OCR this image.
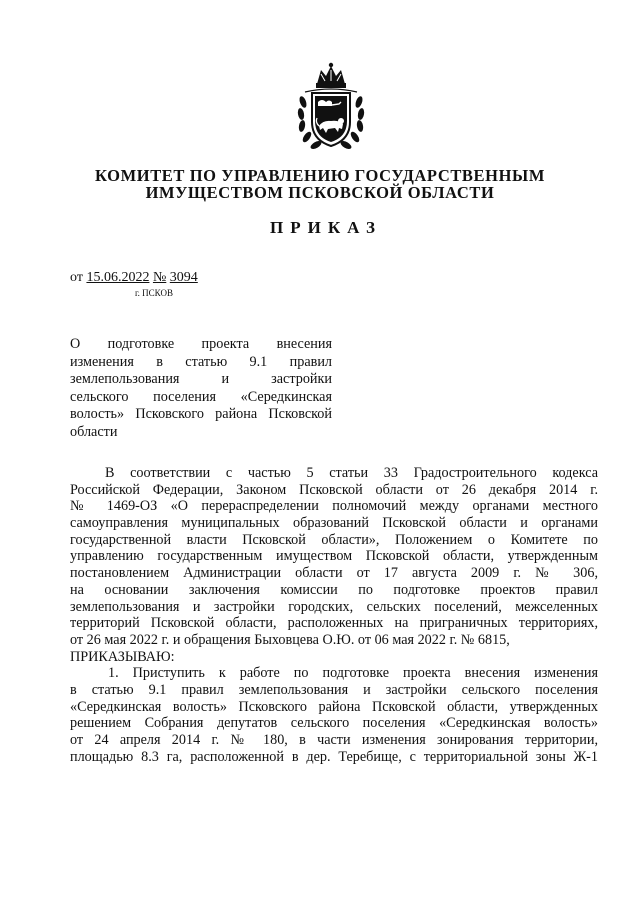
КОМИТЕТ ПО УПРАВЛЕНИЮ ГОСУДАРСТВЕННЫМ
ИМУЩЕСТВОМ ПСКОВСКОЙ ОБЛАСТИ
ПРИКАЗ
от 15.06.2022 № 3094
г. ПСКОВ
О подготовке проекта внесения
изменения в статью 9.1 правил
землепользования и застройки
сельского поселения «Середкинская
волость» Псковского района Псковской
области
В соответствии с частью 5 статьи 33 Градостроительного кодекса
Российской Федерации, Законом Псковской области от 26 декабря 2014 г.
№ 1469-ОЗ «О перераспределении полномочий между органами местного
самоуправления муниципальных образований Псковской области и органами
государственной власти Псковской области», Положением о Комитете по
управлению государственным имуществом Псковской области, утвержденным
постановлением Администрации области от 17 августа 2009 г. № 306,
на основании заключения комиссии по подготовке проектов правил
землепользования и застройки городских, сельских поселений, межселенных
территорий Псковской области, расположенных на приграничных территориях,
от 26 мая 2022 г. и обращения Быховцева О.Ю. от 06 мая 2022 г. № 6815,
ПРИКАЗЫВАЮ:
1. Приступить к работе по подготовке проекта внесения изменения
в статью 9.1 правил землепользования и застройки сельского поселения
«Середкинская волость» Псковского района Псковской области, утвержденных
решением Собрания депутатов сельского поселения «Середкинская волость»
от 24 апреля 2014 г. № 180, в части изменения зонирования территории,
площадью 8.3 га, расположенной в дер. Теребище, с территориальной зоны Ж-1
